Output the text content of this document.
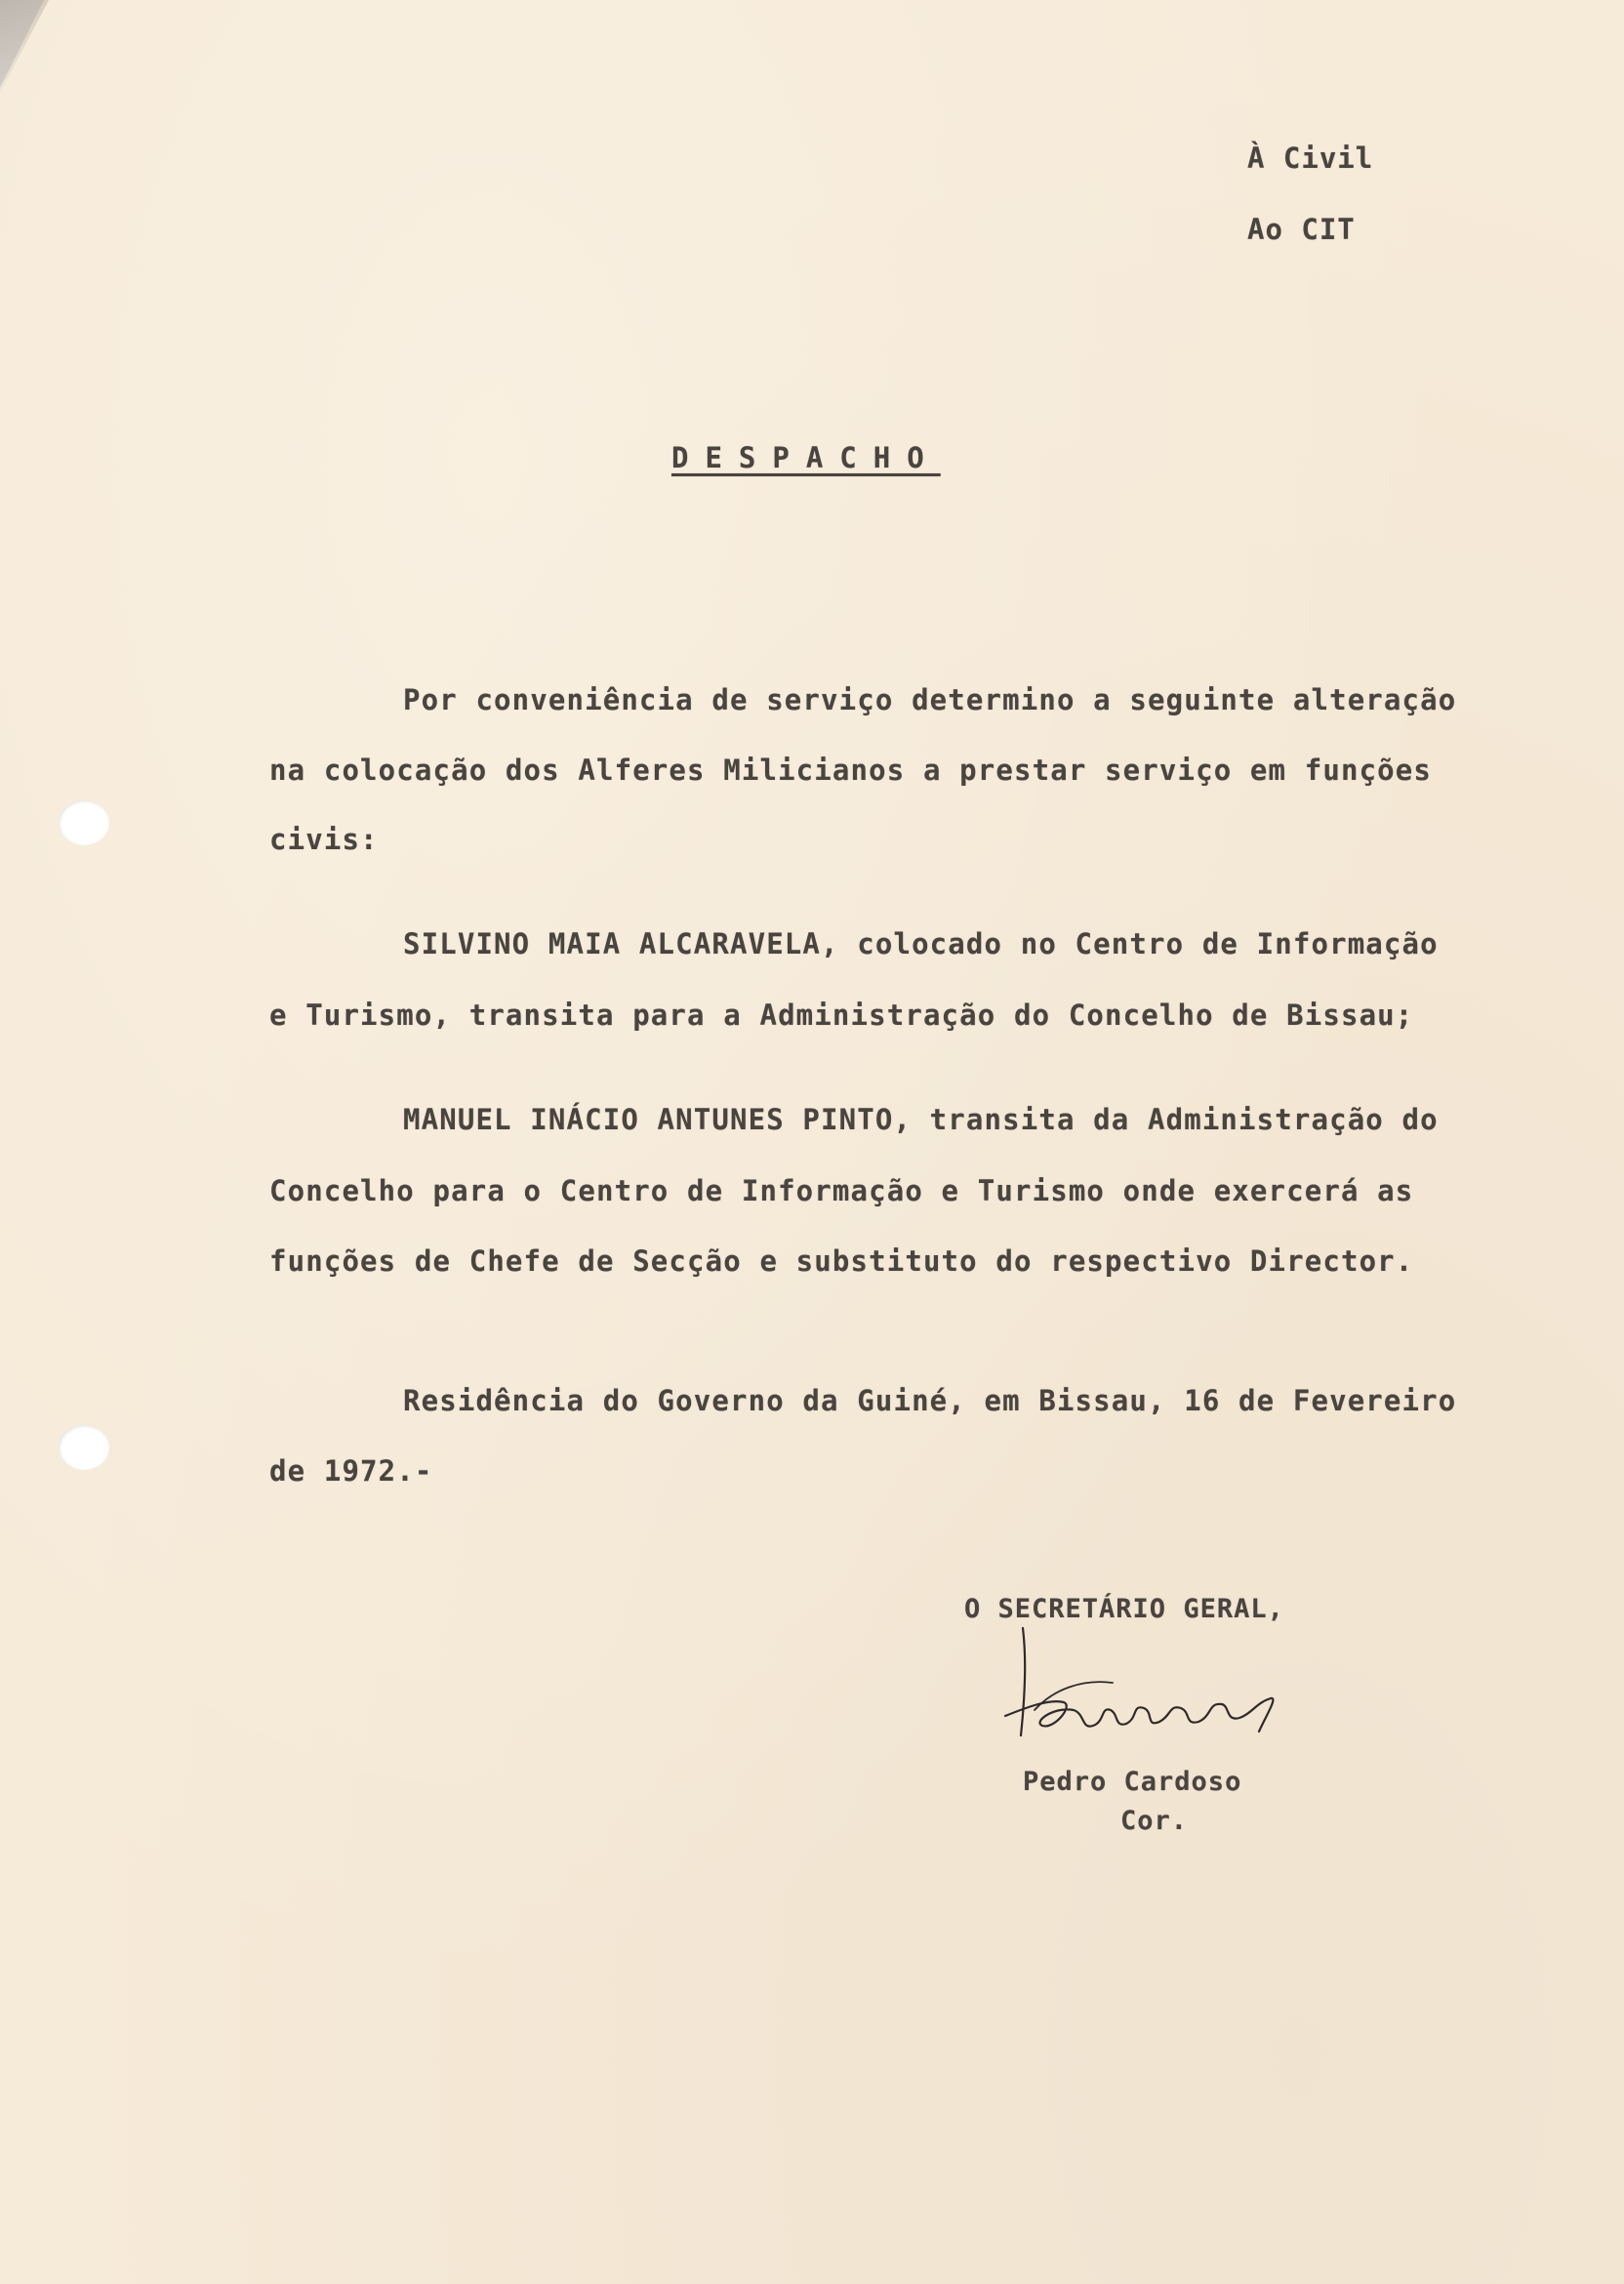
À Civil
Ao CIT
DESPACHO
Por conveniência de serviço determino a seguinte alteração
na colocação dos Alferes Milicianos a prestar serviço em funções
civis:
SILVINO MAIA ALCARAVELA, colocado no Centro de Informação
e Turismo, transita para a Administração do Concelho de Bissau;
MANUEL INÁCIO ANTUNES PINTO, transita da Administração do
Concelho para o Centro de Informação e Turismo onde exercerá as
funções de Chefe de Secção e substituto do respectivo Director.
Residência do Governo da Guiné, em Bissau, 16 de Fevereiro
de 1972.-
O SECRETÁRIO GERAL,
Pedro Cardoso
Cor.
